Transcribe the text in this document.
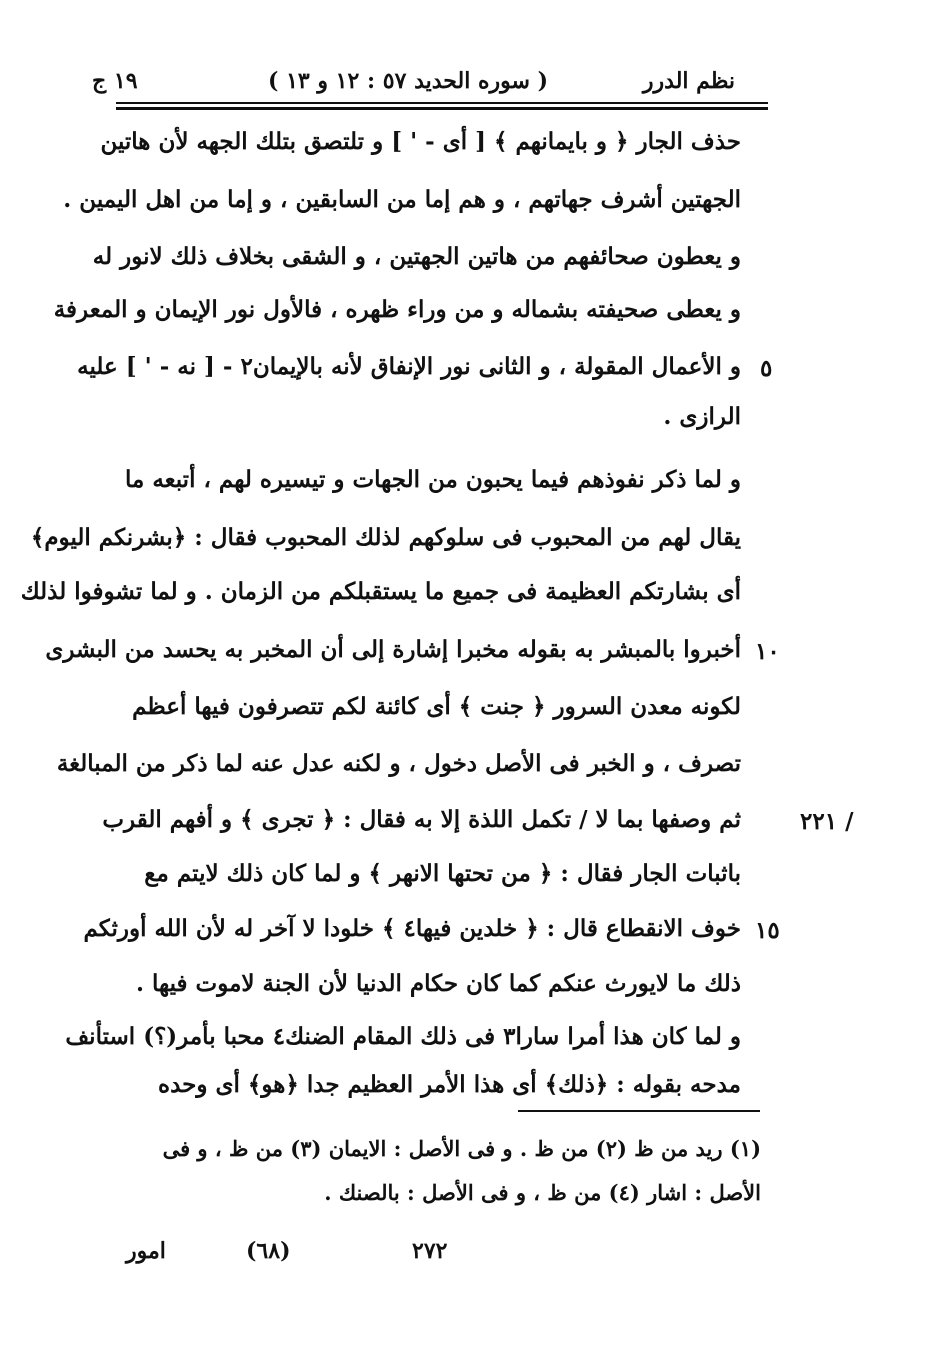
نظم الدرر
( سوره الحديد ٥٧ : ١٢ و ١٣ )
١٩ ج
حذف الجار ﴿ و بايمانهم ﴾ [ أى - ' ] و تلتصق بتلك الجهه لأن هاتين
الجهتين أشرف جهاتهم ، و هم إما من السابقين ، و إما من اهل اليمين .
و يعطون صحائفهم من هاتين الجهتين ، و الشقى بخلاف ذلك لانور له
و يعطى صحيفته بشماله و من وراء ظهره ، فالأول نور الإيمان و المعرفة
و الأعمال المقولة ، و الثانى نور الإنفاق لأنه بالإيمان٢ - [ نه - ' ] عليه
الرازى .
و لما ذكر نفوذهم فيما يحبون من الجهات و تيسيره لهم ، أتبعه ما
يقال لهم من المحبوب فى سلوكهم لذلك المحبوب فقال : ﴿بشرنكم اليوم﴾
أى بشارتكم العظيمة فى جميع ما يستقبلكم من الزمان . و لما تشوفوا لذلك
أخبروا بالمبشر به بقوله مخبرا إشارة إلى أن المخبر به يحسد من البشرى
لكونه معدن السرور ﴿ جنت ﴾ أى كائنة لكم تتصرفون فيها أعظم
تصرف ، و الخبر فى الأصل دخول ، و لكنه عدل عنه لما ذكر من المبالغة
ثم وصفها بما لا / تكمل اللذة إلا به فقال : ﴿ تجرى ﴾ و أفهم القرب
باثبات الجار فقال : ﴿ من تحتها الانهر ﴾ و لما كان ذلك لايتم مع
خوف الانقطاع قال : ﴿ خلدين فيها٤ ﴾ خلودا لا آخر له لأن الله أورثكم
ذلك ما لايورث عنكم كما كان حكام الدنيا لأن الجنة لاموت فيها .
و لما كان هذا أمرا سارا٣ فى ذلك المقام الضنك٤ محبا بأمر(؟) استأنف
مدحه بقوله : ﴿ذلك﴾ أى هذا الأمر العظيم جدا ﴿هو﴾ أى وحده
٥
١٠
١٥
٢٢١ /
(١) ريد من ظ (٢) من ظ . و فى الأصل : الايمان (٣) من ظ ، و فى
الأصل : اشار (٤) من ظ ، و فى الأصل : بالصنك .
امور	(٦٨)	٢٧٢
